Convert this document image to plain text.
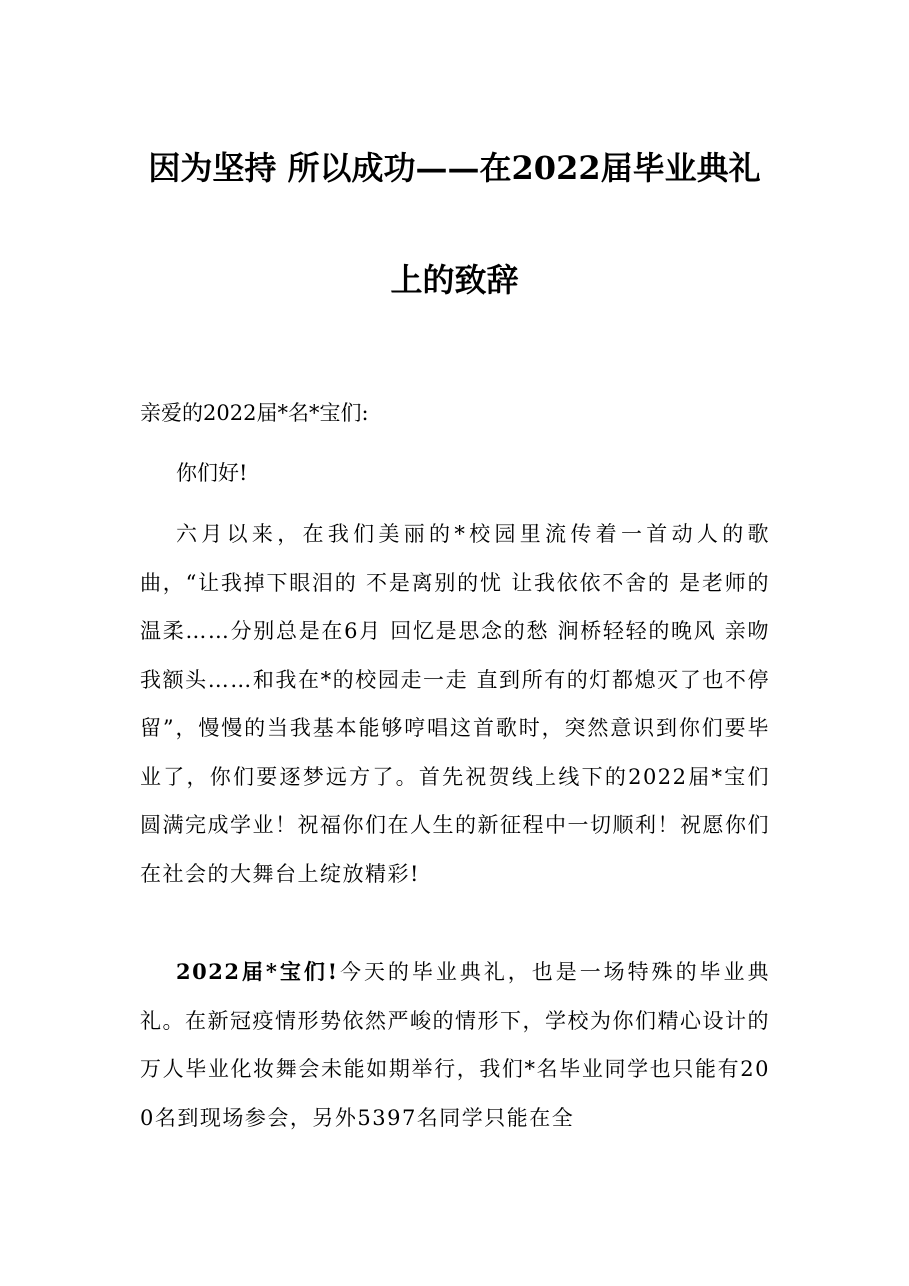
因为坚持 所以成功——在2022届毕业典礼
上的致辞
亲爱的2022届*名*宝们:
你们好!

六月以来，在我们美丽的*校园里流传着一首动人的歌曲，“让我掉下眼泪的 不是离别的忧 让我依依不舍的 是老师的温柔……分别总是在6月 回忆是思念的愁 涧桥轻轻的晚风 亲吻我额头……和我在*的校园走一走 直到所有的灯都熄灭了也不停留”，慢慢的当我基本能够哼唱这首歌时，突然意识到你们要毕业了，你们要逐梦远方了。首先祝贺线上线下的2022届*宝们圆满完成学业！祝福你们在人生的新征程中一切顺利！祝愿你们在社会的大舞台上绽放精彩!

2022届*宝们!今天的毕业典礼，也是一场特殊的毕业典礼。在新冠疫情形势依然严峻的情形下，学校为你们精心设计的万人毕业化妆舞会未能如期举行，我们*名毕业同学也只能有200名到现场参会，另外5397名同学只能在全
